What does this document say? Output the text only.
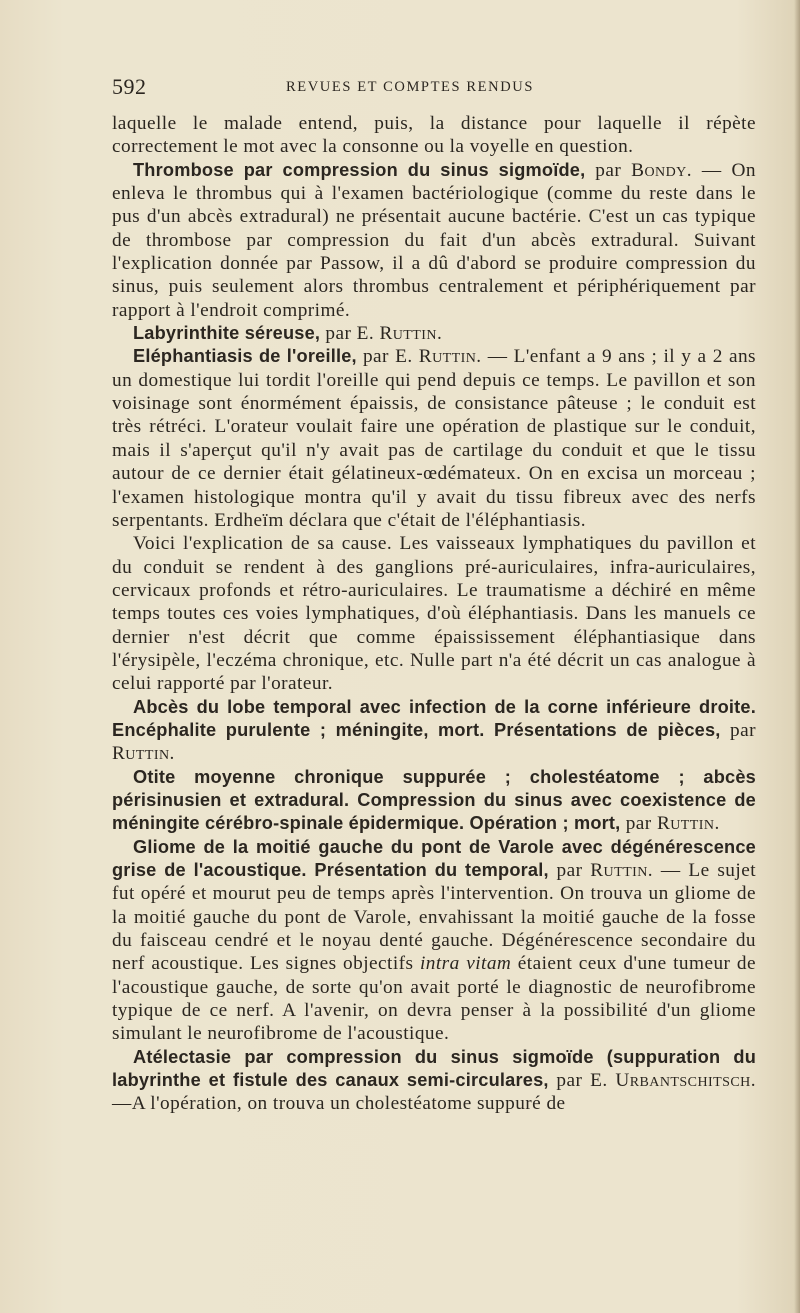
592	REVUES ET COMPTES RENDUS

laquelle le malade entend, puis, la distance pour laquelle il répète correctement le mot avec la consonne ou la voyelle en question.

Thrombose par compression du sinus sigmoïde, par Bondy. — On enleva le thrombus qui à l'examen bactériologique (comme du reste dans le pus d'un abcès extradural) ne présentait aucune bactérie. C'est un cas typique de thrombose par compression du fait d'un abcès extradural. Suivant l'explication donnée par Passow, il a dû d'abord se produire compression du sinus, puis seulement alors thrombus centralement et périphériquement par rapport à l'endroit comprimé.

Labyrinthite séreuse, par E. Ruttin.

Eléphantiasis de l'oreille, par E. Ruttin. — L'enfant a 9 ans ; il y a 2 ans un domestique lui tordit l'oreille qui pend depuis ce temps. Le pavillon et son voisinage sont énormément épaissis, de consistance pâteuse ; le conduit est très rétréci. L'orateur voulait faire une opération de plastique sur le conduit, mais il s'aperçut qu'il n'y avait pas de cartilage du conduit et que le tissu autour de ce dernier était gélatineux-œdémateux. On en excisa un morceau ; l'examen histologique montra qu'il y avait du tissu fibreux avec des nerfs serpentants. Erdheïm déclara que c'était de l'éléphantiasis.

Voici l'explication de sa cause. Les vaisseaux lymphatiques du pavillon et du conduit se rendent à des ganglions pré-auriculaires, infra-auriculaires, cervicaux profonds et rétro-auriculaires. Le traumatisme a déchiré en même temps toutes ces voies lymphatiques, d'où éléphantiasis. Dans les manuels ce dernier n'est décrit que comme épaississement éléphantiasique dans l'érysipèle, l'eczéma chronique, etc. Nulle part n'a été décrit un cas analogue à celui rapporté par l'orateur.

Abcès du lobe temporal avec infection de la corne inférieure droite. Encéphalite purulente ; méningite, mort. Présentations de pièces, par Ruttin.

Otite moyenne chronique suppurée ; cholestéatome ; abcès périsinusien et extradural. Compression du sinus avec coexistence de méningite cérébro-spinale épidermique. Opération ; mort, par Ruttin.

Gliome de la moitié gauche du pont de Varole avec dégénérescence grise de l'acoustique. Présentation du temporal, par Ruttin. — Le sujet fut opéré et mourut peu de temps après l'intervention. On trouva un gliome de la moitié gauche du pont de Varole, envahissant la moitié gauche de la fosse du faisceau cendré et le noyau denté gauche. Dégénérescence secondaire du nerf acoustique. Les signes objectifs intra vitam étaient ceux d'une tumeur de l'acoustique gauche, de sorte qu'on avait porté le diagnostic de neurofibrome typique de ce nerf. A l'avenir, on devra penser à la possibilité d'un gliome simulant le neurofibrome de l'acoustique.

Atélectasie par compression du sinus sigmoïde (suppuration du labyrinthe et fistule des canaux semi-circulares, par E. Urbantschitsch. —A l'opération, on trouva un cholestéatome suppuré de
